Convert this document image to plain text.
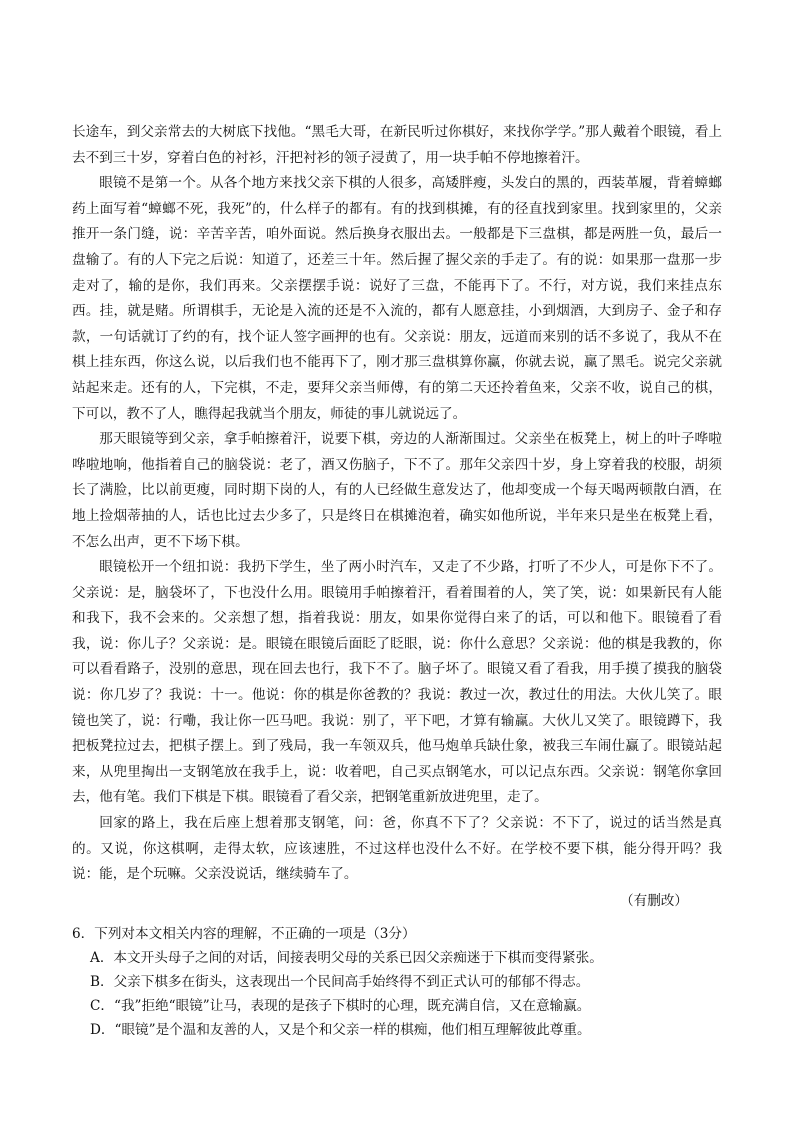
长途车，到父亲常去的大树底下找他。“黑毛大哥，在新民听过你棋好，来找你学学。”那人戴着个眼镜，看上去不到三十岁，穿着白色的衬衫，汗把衬衫的领子浸黄了，用一块手帕不停地擦着汗。

眼镜不是第一个。从各个地方来找父亲下棋的人很多，高矮胖瘦，头发白的黑的，西装革履，背着蟑螂药上面写着“蟑螂不死，我死”的，什么样子的都有。有的找到棋摊，有的径直找到家里。找到家里的，父亲推开一条门缝，说：辛苦辛苦，咱外面说。然后换身衣服出去。一般都是下三盘棋，都是两胜一负，最后一盘输了。有的人下完之后说：知道了，还差三十年。然后握了握父亲的手走了。有的说：如果那一盘那一步走对了，输的是你，我们再来。父亲摆摆手说：说好了三盘，不能再下了。不行，对方说，我们来挂点东西。挂，就是赌。所谓棋手，无论是入流的还是不入流的，都有人愿意挂，小到烟酒，大到房子、金子和存款，一句话就订了约的有，找个证人签字画押的也有。父亲说：朋友，远道而来别的话不多说了，我从不在棋上挂东西，你这么说，以后我们也不能再下了，刚才那三盘棋算你赢，你就去说，赢了黑毛。说完父亲就站起来走。还有的人，下完棋，不走，要拜父亲当师傅，有的第二天还拎着鱼来，父亲不收，说自己的棋，下可以，教不了人，瞧得起我就当个朋友，师徒的事儿就说远了。

那天眼镜等到父亲，拿手帕擦着汗，说要下棋，旁边的人渐渐围过。父亲坐在板凳上，树上的叶子哗啦哗啦地响，他指着自己的脑袋说：老了，酒又伤脑子，下不了。那年父亲四十岁，身上穿着我的校服，胡须长了满脸，比以前更瘦，同时期下岗的人，有的人已经做生意发达了，他却变成一个每天喝两顿散白酒，在地上捡烟蒂抽的人，话也比过去少多了，只是终日在棋摊泡着，确实如他所说，半年来只是坐在板凳上看，不怎么出声，更不下场下棋。

眼镜松开一个纽扣说：我扔下学生，坐了两小时汽车，又走了不少路，打听了不少人，可是你下不了。父亲说：是，脑袋坏了，下也没什么用。眼镜用手帕擦着汗，看着围着的人，笑了笑，说：如果新民有人能和我下，我不会来的。父亲想了想，指着我说：朋友，如果你觉得白来了的话，可以和他下。眼镜看了看我，说：你儿子？父亲说：是。眼镜在眼镜后面眨了眨眼，说：你什么意思？父亲说：他的棋是我教的，你可以看看路子，没别的意思，现在回去也行，我下不了。脑子坏了。眼镜又看了看我，用手摸了摸我的脑袋说：你几岁了？我说：十一。他说：你的棋是你爸教的？我说：教过一次，教过仕的用法。大伙儿笑了。眼镜也笑了，说：行嘞，我让你一匹马吧。我说：别了，平下吧，才算有输赢。大伙儿又笑了。眼镜蹲下，我把板凳拉过去，把棋子摆上。到了残局，我一车领双兵，他马炮单兵缺仕象，被我三车闹仕赢了。眼镜站起来，从兜里掏出一支钢笔放在我手上，说：收着吧，自己买点钢笔水，可以记点东西。父亲说：钢笔你拿回去，他有笔。我们下棋是下棋。眼镜看了看父亲，把钢笔重新放进兜里，走了。

回家的路上，我在后座上想着那支钢笔，问：爸，你真不下了？父亲说：不下了，说过的话当然是真的。又说，你这棋啊，走得太软，应该速胜，不过这样也没什么不好。在学校不要下棋，能分得开吗？我说：能，是个玩嘛。父亲没说话，继续骑车了。

（有删改）

6．下列对本文相关内容的理解，不正确的一项是（3分）

A．本文开头母子之间的对话，间接表明父母的关系已因父亲痴迷于下棋而变得紧张。
B．父亲下棋多在街头，这表现出一个民间高手始终得不到正式认可的郁郁不得志。
C．“我”拒绝“眼镜”让马，表现的是孩子下棋时的心理，既充满自信，又在意输赢。
D．“眼镜”是个温和友善的人，又是个和父亲一样的棋痴，他们相互理解彼此尊重。
